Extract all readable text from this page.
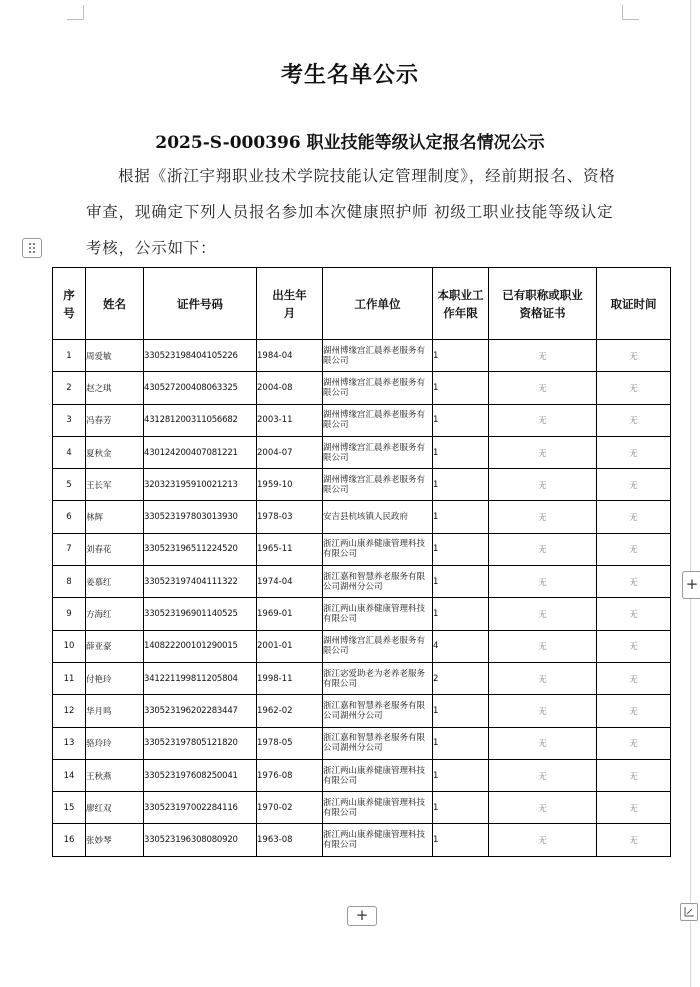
考生名单公示
2025-S-000396 职业技能等级认定报名情况公示
根据《浙江宇翔职业技术学院技能认定管理制度》，经前期报名、资格审查，现确定下列人员报名参加本次健康照护师 初级工职业技能等级认定考核，公示如下：
序号	姓名	证件号码	出生年月	工作单位	本职业工作年限	已有职称或职业资格证书	取证时间
1	周爱敏	330523198404105226	1984-04	湖州博缘宫汇晨养老服务有限公司	1	无	无
2	赵之琪	430527200408063325	2004-08	湖州博缘宫汇晨养老服务有限公司	1	无	无
3	冯春芳	431281200311056682	2003-11	湖州博缘宫汇晨养老服务有限公司	1	无	无
4	夏秋金	430124200407081221	2004-07	湖州博缘宫汇晨养老服务有限公司	1	无	无
5	王长军	320323195910021213	1959-10	湖州博缘宫汇晨养老服务有限公司	1	无	无
6	林辉	330523197803013930	1978-03	安吉县杭垓镇人民政府	1	无	无
7	刘春花	330523196511224520	1965-11	浙江两山康养健康管理科技有限公司	1	无	无
8	姜慕红	330523197404111322	1974-04	浙江嘉和智慧养老服务有限公司湖州分公司	1	无	无
9	方海红	330523196901140525	1969-01	浙江两山康养健康管理科技有限公司	1	无	无
10	薛亚豪	140822200101290015	2001-01	湖州博缘宫汇晨养老服务有限公司	4	无	无
11	付艳玲	341221199811205804	1998-11	浙江宓爱助老为老养老服务有限公司	2	无	无
12	华月鸣	330523196202283447	1962-02	浙江嘉和智慧养老服务有限公司湖州分公司	1	无	无
13	骆玲玲	330523197805121820	1978-05	浙江嘉和智慧养老服务有限公司湖州分公司	1	无	无
14	王秋燕	330523197608250041	1976-08	浙江两山康养健康管理科技有限公司	1	无	无
15	廖红双	330523197002284116	1970-02	浙江两山康养健康管理科技有限公司	1	无	无
16	张妙琴	330523196308080920	1963-08	浙江两山康养健康管理科技有限公司	1	无	无
+
+
